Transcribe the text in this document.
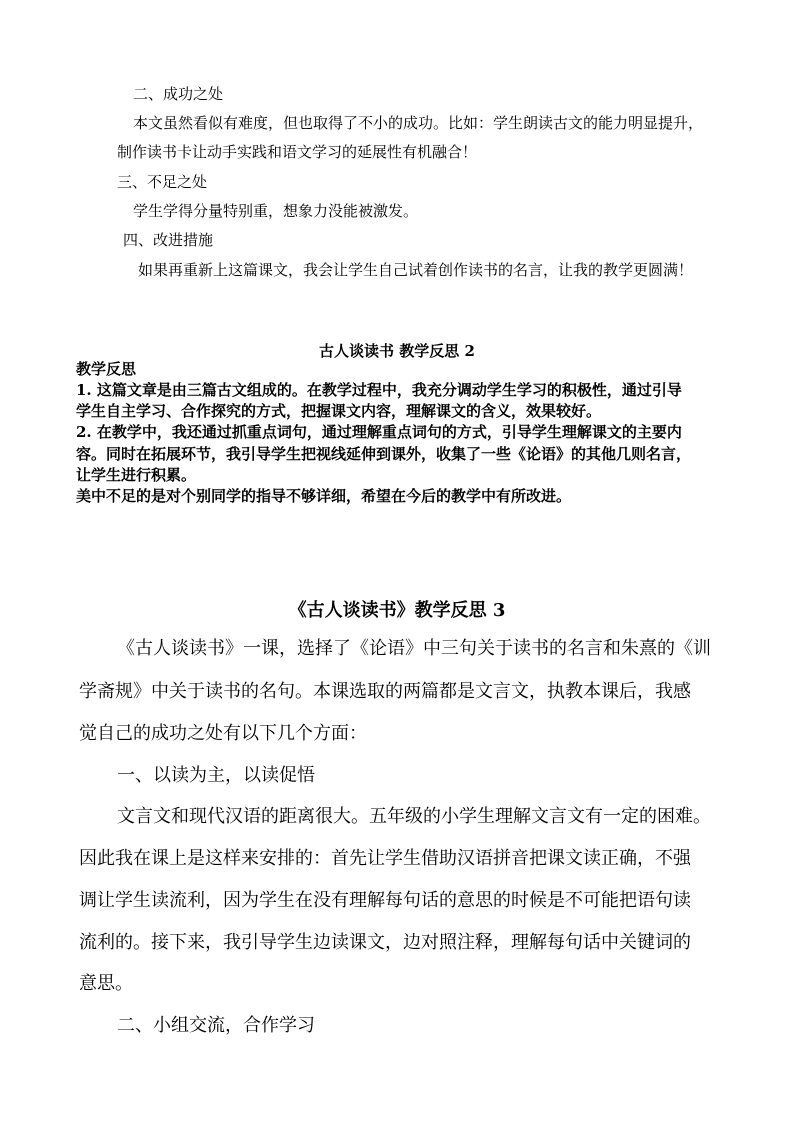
二、成功之处
本文虽然看似有难度，但也取得了不小的成功。比如：学生朗读古文的能力明显提升，
制作读书卡让动手实践和语文学习的延展性有机融合！
三、不足之处
学生学得分量特别重，想象力没能被激发。
四、改进措施
如果再重新上这篇课文，我会让学生自己试着创作读书的名言，让我的教学更圆满！
古人谈读书 教学反思 2
教学反思
1. 这篇文章是由三篇古文组成的。在教学过程中，我充分调动学生学习的积极性，通过引导
学生自主学习、合作探究的方式，把握课文内容，理解课文的含义，效果较好。
2. 在教学中，我还通过抓重点词句，通过理解重点词句的方式，引导学生理解课文的主要内
容。同时在拓展环节，我引导学生把视线延伸到课外，收集了一些《论语》的其他几则名言，
让学生进行积累。
美中不足的是对个别同学的指导不够详细，希望在今后的教学中有所改进。
《古人谈读书》教学反思 3
《古人谈读书》一课，选择了《论语》中三句关于读书的名言和朱熹的《训
学斋规》中关于读书的名句。本课选取的两篇都是文言文，执教本课后，我感
觉自己的成功之处有以下几个方面：
一、以读为主，以读促悟
文言文和现代汉语的距离很大。五年级的小学生理解文言文有一定的困难。
因此我在课上是这样来安排的：首先让学生借助汉语拼音把课文读正确，不强
调让学生读流利，因为学生在没有理解每句话的意思的时候是不可能把语句读
流利的。接下来，我引导学生边读课文，边对照注释，理解每句话中关键词的
意思。
二、小组交流，合作学习
